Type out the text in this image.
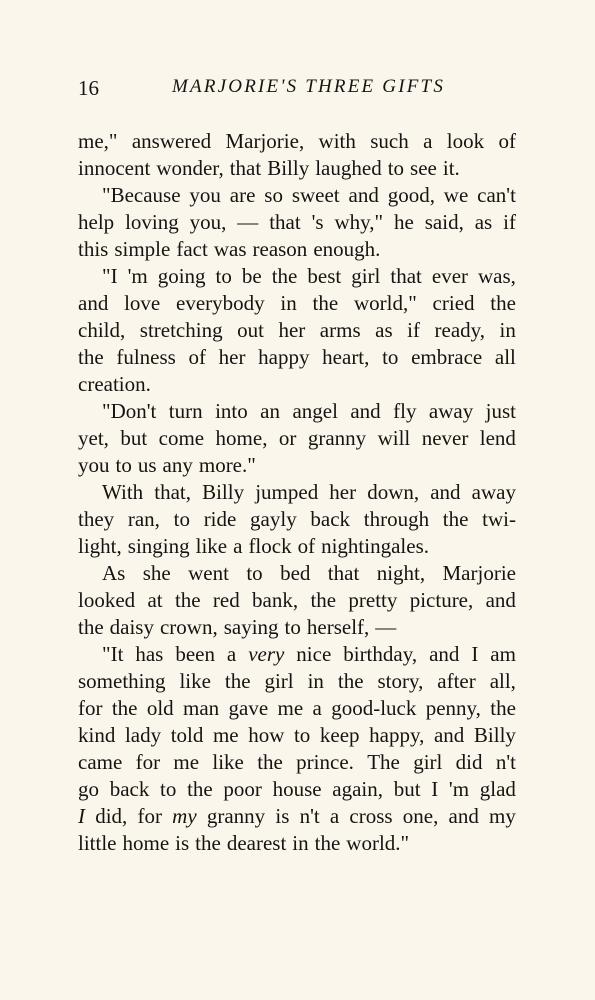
16	MARJORIE'S THREE GIFTS
me," answered Marjorie, with such a look of
innocent wonder, that Billy laughed to see it.
"Because you are so sweet and good, we can't
help loving you, — that 's why," he said, as if
this simple fact was reason enough.
"I 'm going to be the best girl that ever was,
and love everybody in the world," cried the
child, stretching out her arms as if ready, in
the fulness of her happy heart, to embrace all
creation.
"Don't turn into an angel and fly away just
yet, but come home, or granny will never lend
you to us any more."
With that, Billy jumped her down, and away
they ran, to ride gayly back through the twi-
light, singing like a flock of nightingales.
As she went to bed that night, Marjorie
looked at the red bank, the pretty picture, and
the daisy crown, saying to herself, —
"It has been a very nice birthday, and I am
something like the girl in the story, after all,
for the old man gave me a good-luck penny, the
kind lady told me how to keep happy, and Billy
came for me like the prince. The girl did n't
go back to the poor house again, but I 'm glad
I did, for my granny is n't a cross one, and my
little home is the dearest in the world."
